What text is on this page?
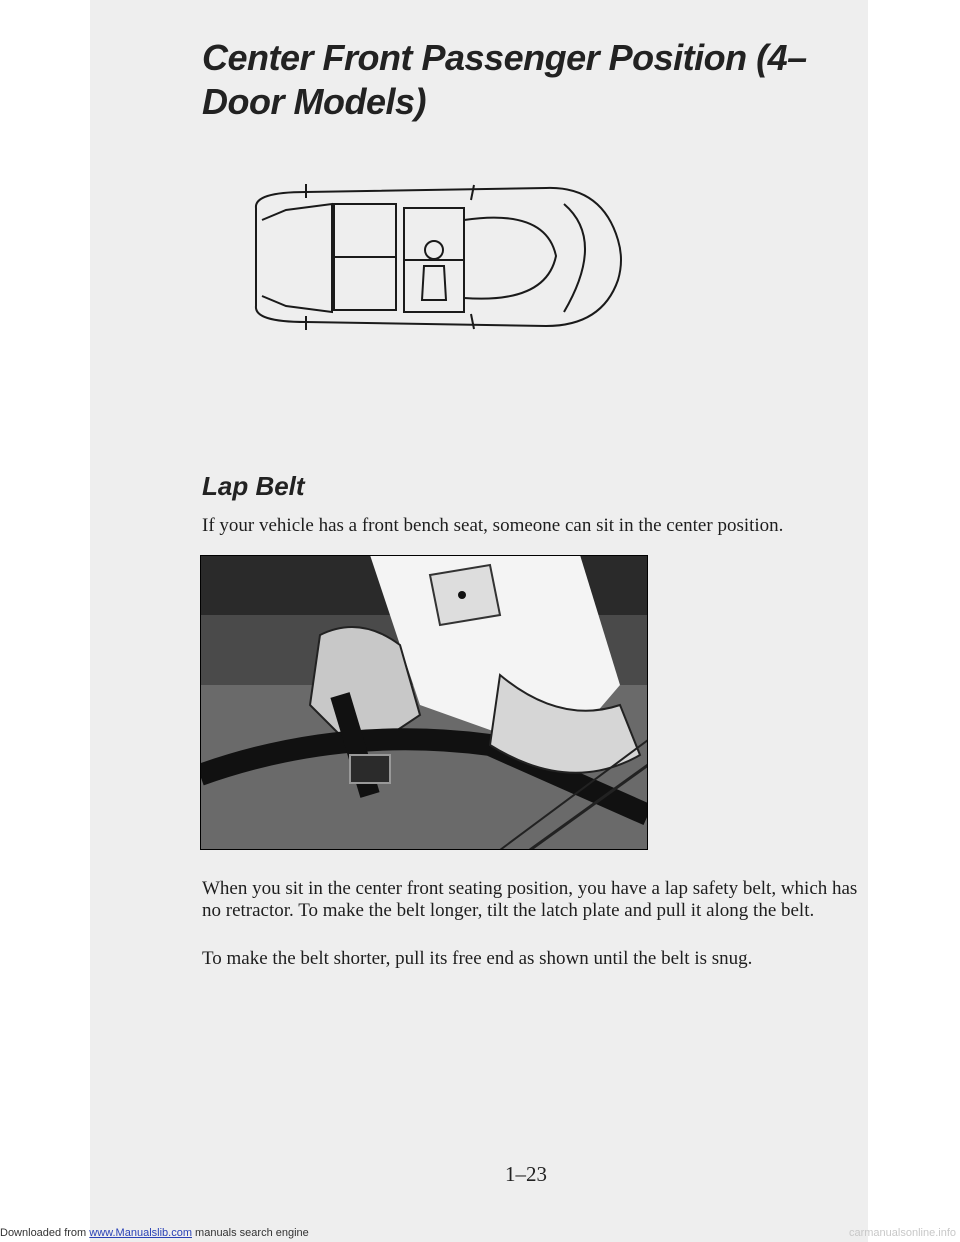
Center Front Passenger Position (4–Door Models)
Lap Belt

If your vehicle has a front bench seat, someone can sit in the center position.

When you sit in the center front seating position, you have a lap safety belt, which has no retractor. To make the belt longer, tilt the latch plate and pull it along the belt.

To make the belt shorter, pull its free end as shown until the belt is snug.

1–23

Downloaded from www.Manualslib.com manuals search engine	carmanualsonline.info
